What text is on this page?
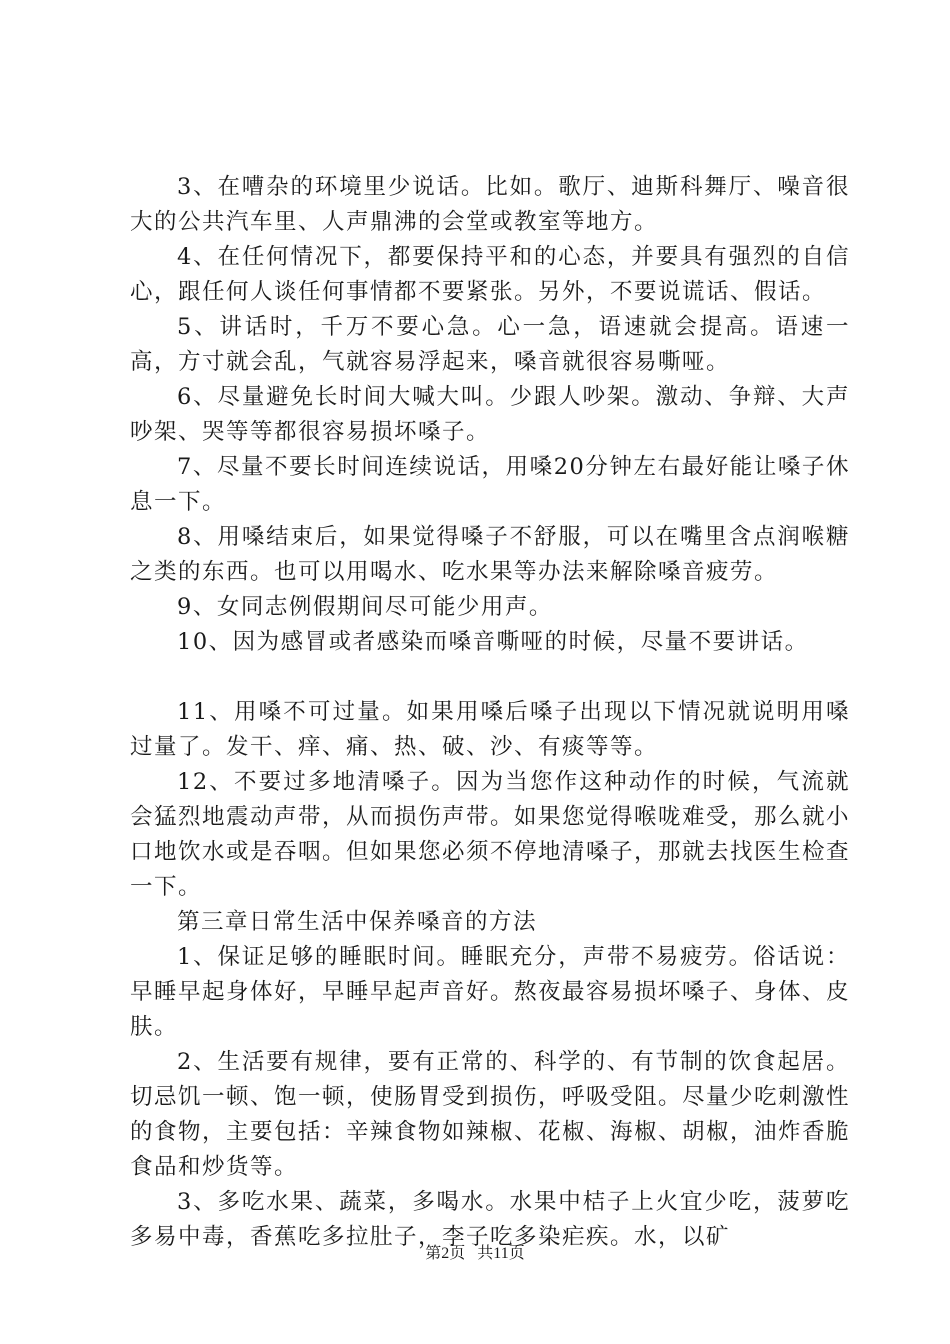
3、在嘈杂的环境里少说话。比如。歌厅、迪斯科舞厅、噪音很大的公共汽车里、人声鼎沸的会堂或教室等地方。

4、在任何情况下，都要保持平和的心态，并要具有强烈的自信心，跟任何人谈任何事情都不要紧张。另外，不要说谎话、假话。

5、讲话时，千万不要心急。心一急，语速就会提高。语速一高，方寸就会乱，气就容易浮起来，嗓音就很容易嘶哑。

6、尽量避免长时间大喊大叫。少跟人吵架。激动、争辩、大声吵架、哭等等都很容易损坏嗓子。

7、尽量不要长时间连续说话，用嗓20分钟左右最好能让嗓子休息一下。

8、用嗓结束后，如果觉得嗓子不舒服，可以在嘴里含点润喉糖之类的东西。也可以用喝水、吃水果等办法来解除嗓音疲劳。

9、女同志例假期间尽可能少用声。

10、因为感冒或者感染而嗓音嘶哑的时候，尽量不要讲话。

11、用嗓不可过量。如果用嗓后嗓子出现以下情况就说明用嗓过量了。发干、痒、痛、热、破、沙、有痰等等。

12、不要过多地清嗓子。因为当您作这种动作的时候，气流就会猛烈地震动声带，从而损伤声带。如果您觉得喉咙难受，那么就小口地饮水或是吞咽。但如果您必须不停地清嗓子，那就去找医生检查一下。

第三章日常生活中保养嗓音的方法

1、保证足够的睡眠时间。睡眠充分，声带不易疲劳。俗话说：早睡早起身体好，早睡早起声音好。熬夜最容易损坏嗓子、身体、皮肤。

2、生活要有规律，要有正常的、科学的、有节制的饮食起居。切忌饥一顿、饱一顿，使肠胃受到损伤，呼吸受阻。尽量少吃刺激性的食物，主要包括：辛辣食物如辣椒、花椒、海椒、胡椒，油炸香脆食品和炒货等。

3、多吃水果、蔬菜，多喝水。水果中桔子上火宜少吃，菠萝吃多易中毒，香蕉吃多拉肚子，李子吃多染疟疾。水，以矿

第2页 共11页
